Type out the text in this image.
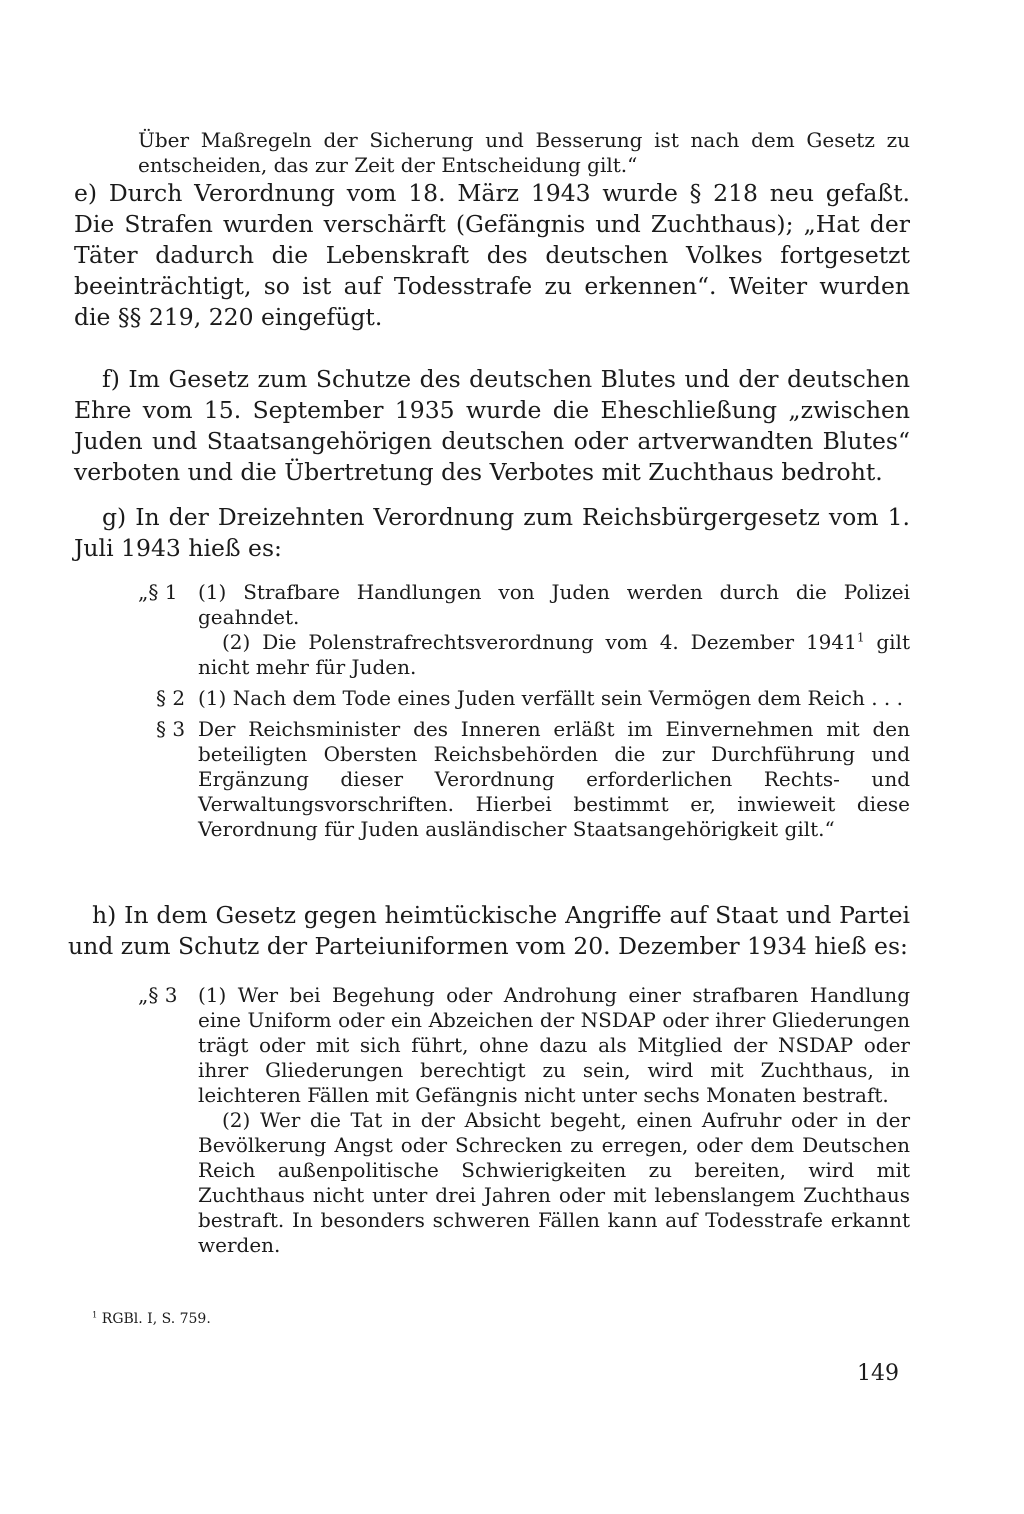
Über Maßregeln der Sicherung und Besserung ist nach dem Gesetz zu
entscheiden, das zur Zeit der Entscheidung gilt.“

e) Durch Verordnung vom 18. März 1943 wurde § 218 neu gefaßt. Die Strafen wurden verschärft (Gefängnis und Zuchthaus); „Hat der Täter dadurch die Lebenskraft des deutschen Volkes fortgesetzt beeinträchtigt, so ist auf Todesstrafe zu erkennen“. Weiter wurden die §§ 219, 220 eingefügt.

f) Im Gesetz zum Schutze des deutschen Blutes und der deutschen Ehre vom 15. September 1935 wurde die Eheschließung „zwischen Juden und Staatsangehörigen deutschen oder artverwandten Blutes“ verboten und die Übertretung des Verbotes mit Zuchthaus bedroht.

g) In der Dreizehnten Verordnung zum Reichsbürgergesetz vom 1. Juli 1943 hieß es:

„§ 1	(1) Strafbare Handlungen von Juden werden durch die Polizei geahndet.
(2) Die Polenstrafrechtsverordnung vom 4. Dezember 1941$^1$ gilt nicht mehr für Juden.
§ 2 (1) Nach dem Tode eines Juden verfällt sein Vermögen dem Reich . . .
§ 3 Der Reichsminister des Inneren erläßt im Einvernehmen mit den beteiligten Obersten Reichsbehörden die zur Durchführung und Ergänzung dieser Verordnung erforderlichen Rechts- und Verwaltungsvorschriften. Hierbei bestimmt er, inwieweit diese Verordnung für Juden ausländischer Staatsangehörigkeit gilt.“

h) In dem Gesetz gegen heimtückische Angriffe auf Staat und Partei und zum Schutz der Parteiuniformen vom 20. Dezember 1934 hieß es:

„§ 3	(1) Wer bei Begehung oder Androhung einer strafbaren Handlung eine Uniform oder ein Abzeichen der NSDAP oder ihrer Gliederungen trägt oder mit sich führt, ohne dazu als Mitglied der NSDAP oder ihrer Gliederungen berechtigt zu sein, wird mit Zuchthaus, in leichteren Fällen mit Gefängnis nicht unter sechs Monaten bestraft.
(2) Wer die Tat in der Absicht begeht, einen Aufruhr oder in der Bevölkerung Angst oder Schrecken zu erregen, oder dem Deutschen Reich außenpolitische Schwierigkeiten zu bereiten, wird mit Zuchthaus nicht unter drei Jahren oder mit lebenslangem Zuchthaus bestraft. In besonders schweren Fällen kann auf Todesstrafe erkannt werden.
$^1$ RGBl. I, S. 759.
149
